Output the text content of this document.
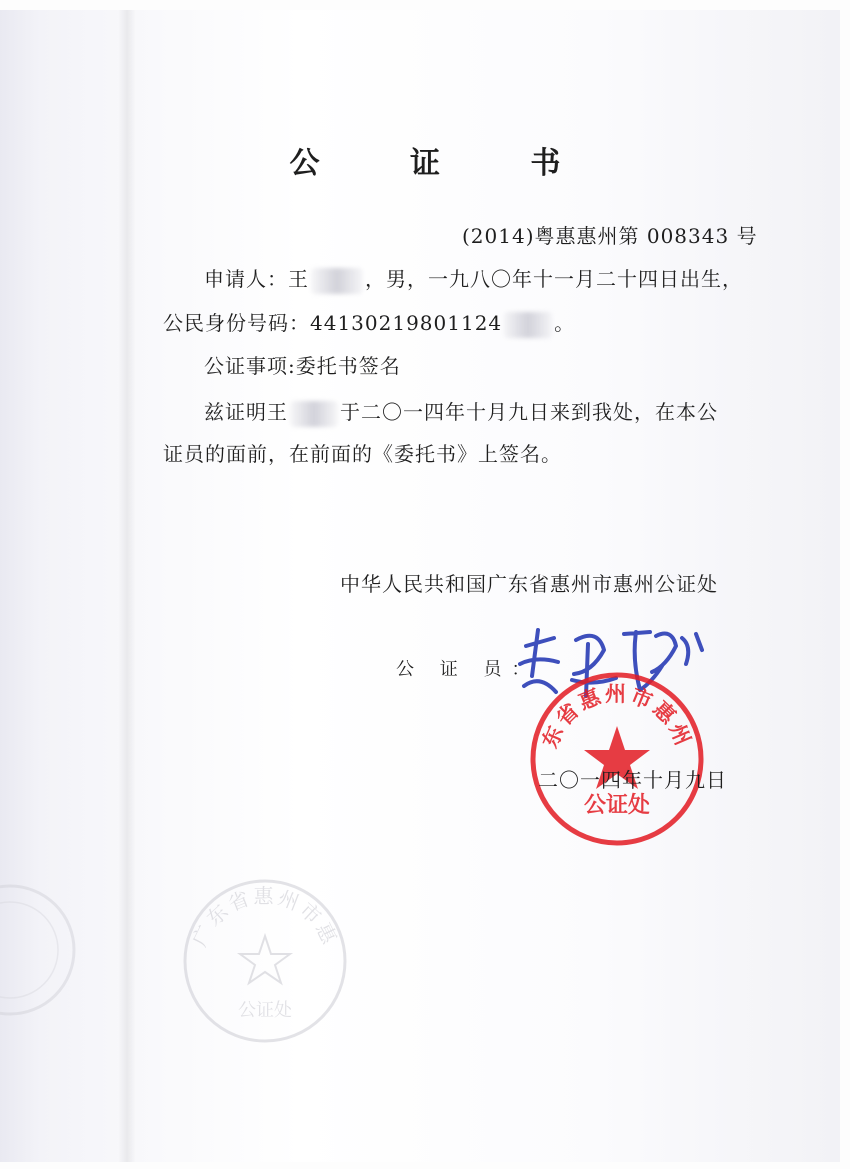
公 证 书
(2014)粤惠惠州第 008343 号
申请人：王	，男，一九八〇年十一月二十四日出生，
公民身份号码：44130219801124	。
公证事项:委托书签名
兹证明王	于二〇一四年十月九日来到我处，在本公
证员的面前，在前面的《委托书》上签名。
中华人民共和国广东省惠州市惠州公证处
公 证 员：
东省惠州市惠州
公证处
二〇一四年十月九日
广东省惠州市惠
公证处
